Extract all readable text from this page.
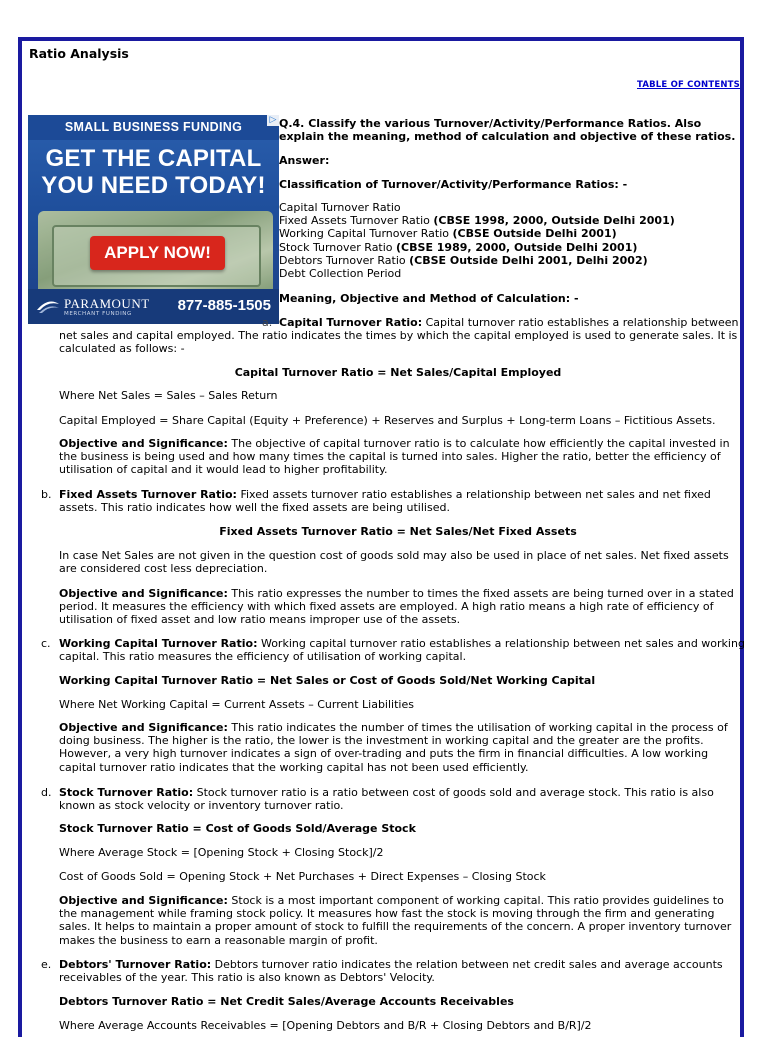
Ratio Analysis
TABLE OF CONTENTS
SMALL BUSINESS FUNDING	▷
GET THE CAPITAL
YOU NEED TODAY!
APPLY NOW!
PARAMOUNT
MERCHANT FUNDING	877-885-1505
Q.4. Classify the various Turnover/Activity/Performance Ratios. Also
explain the meaning, method of calculation and objective of these ratios.
Answer:
Classification of Turnover/Activity/Performance Ratios: -
Capital Turnover Ratio
Fixed Assets Turnover Ratio (CBSE 1998, 2000, Outside Delhi 2001)
Working Capital Turnover Ratio (CBSE Outside Delhi 2001)
Stock Turnover Ratio (CBSE 1989, 2000, Outside Delhi 2001)
Debtors Turnover Ratio (CBSE Outside Delhi 2001, Delhi 2002)
Debt Collection Period
Meaning, Objective and Method of Calculation: -
a. Capital Turnover Ratio: Capital turnover ratio establishes a relationship between
net sales and capital employed. The ratio indicates the times by which the capital employed is used to generate sales. It is calculated as follows: -
Capital Turnover Ratio = Net Sales/Capital Employed
Where Net Sales = Sales – Sales Return
Capital Employed = Share Capital (Equity + Preference) + Reserves and Surplus + Long-term Loans – Fictitious Assets.
Objective and Significance: The objective of capital turnover ratio is to calculate how efficiently the capital invested in the business is being used and how many times the capital is turned into sales. Higher the ratio, better the efficiency of utilisation of capital and it would lead to higher profitability.
b. Fixed Assets Turnover Ratio: Fixed assets turnover ratio establishes a relationship between net sales and net fixed assets. This ratio indicates how well the fixed assets are being utilised.
Fixed Assets Turnover Ratio = Net Sales/Net Fixed Assets
In case Net Sales are not given in the question cost of goods sold may also be used in place of net sales. Net fixed assets are considered cost less depreciation.
Objective and Significance: This ratio expresses the number to times the fixed assets are being turned over in a stated period. It measures the efficiency with which fixed assets are employed. A high ratio means a high rate of efficiency of utilisation of fixed asset and low ratio means improper use of the assets.
c. Working Capital Turnover Ratio: Working capital turnover ratio establishes a relationship between net sales and working capital. This ratio measures the efficiency of utilisation of working capital.
Working Capital Turnover Ratio = Net Sales or Cost of Goods Sold/Net Working Capital
Where Net Working Capital = Current Assets – Current Liabilities
Objective and Significance: This ratio indicates the number of times the utilisation of working capital in the process of doing business. The higher is the ratio, the lower is the investment in working capital and the greater are the profits. However, a very high turnover indicates a sign of over-trading and puts the firm in financial difficulties. A low working capital turnover ratio indicates that the working capital has not been used efficiently.
d. Stock Turnover Ratio: Stock turnover ratio is a ratio between cost of goods sold and average stock. This ratio is also known as stock velocity or inventory turnover ratio.
Stock Turnover Ratio = Cost of Goods Sold/Average Stock
Where Average Stock = [Opening Stock + Closing Stock]/2
Cost of Goods Sold = Opening Stock + Net Purchases + Direct Expenses – Closing Stock
Objective and Significance: Stock is a most important component of working capital. This ratio provides guidelines to the management while framing stock policy. It measures how fast the stock is moving through the firm and generating sales. It helps to maintain a proper amount of stock to fulfill the requirements of the concern. A proper inventory turnover makes the business to earn a reasonable margin of profit.
e. Debtors' Turnover Ratio: Debtors turnover ratio indicates the relation between net credit sales and average accounts receivables of the year. This ratio is also known as Debtors' Velocity.
Debtors Turnover Ratio = Net Credit Sales/Average Accounts Receivables
Where Average Accounts Receivables = [Opening Debtors and B/R + Closing Debtors and B/R]/2
